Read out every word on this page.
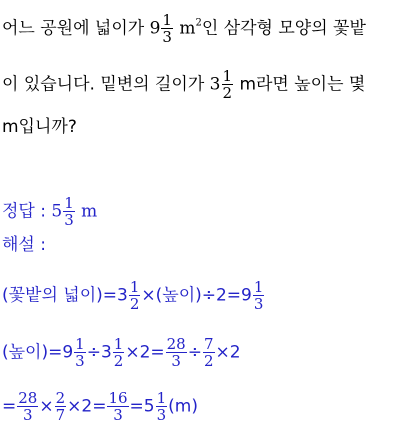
어느 공원에 넓이가 $9 \frac{1}{3} m^2$인 삼각형 모양의 꽃밭
이 있습니다. 밑변의 길이가 $3 \frac{1}{2}$ m라면 높이는 몇
m입니까?
정답 : $5 \frac{1}{3}$ m
해설 :
(꽃밭의 넓이)$=3 \frac{1}{2}$ ×(높이)$\div 2=9 \frac{1}{3}$
(높이)$=9 \frac{1}{3} \div 3 \frac{1}{2} \times 2= \frac{28}{3} \div \frac{7}{2} \times 2$
= $\frac{28}{3} \times \frac{2}{7} \times 2= \frac{16}{3} =5 \frac{1}{3} (m)$
